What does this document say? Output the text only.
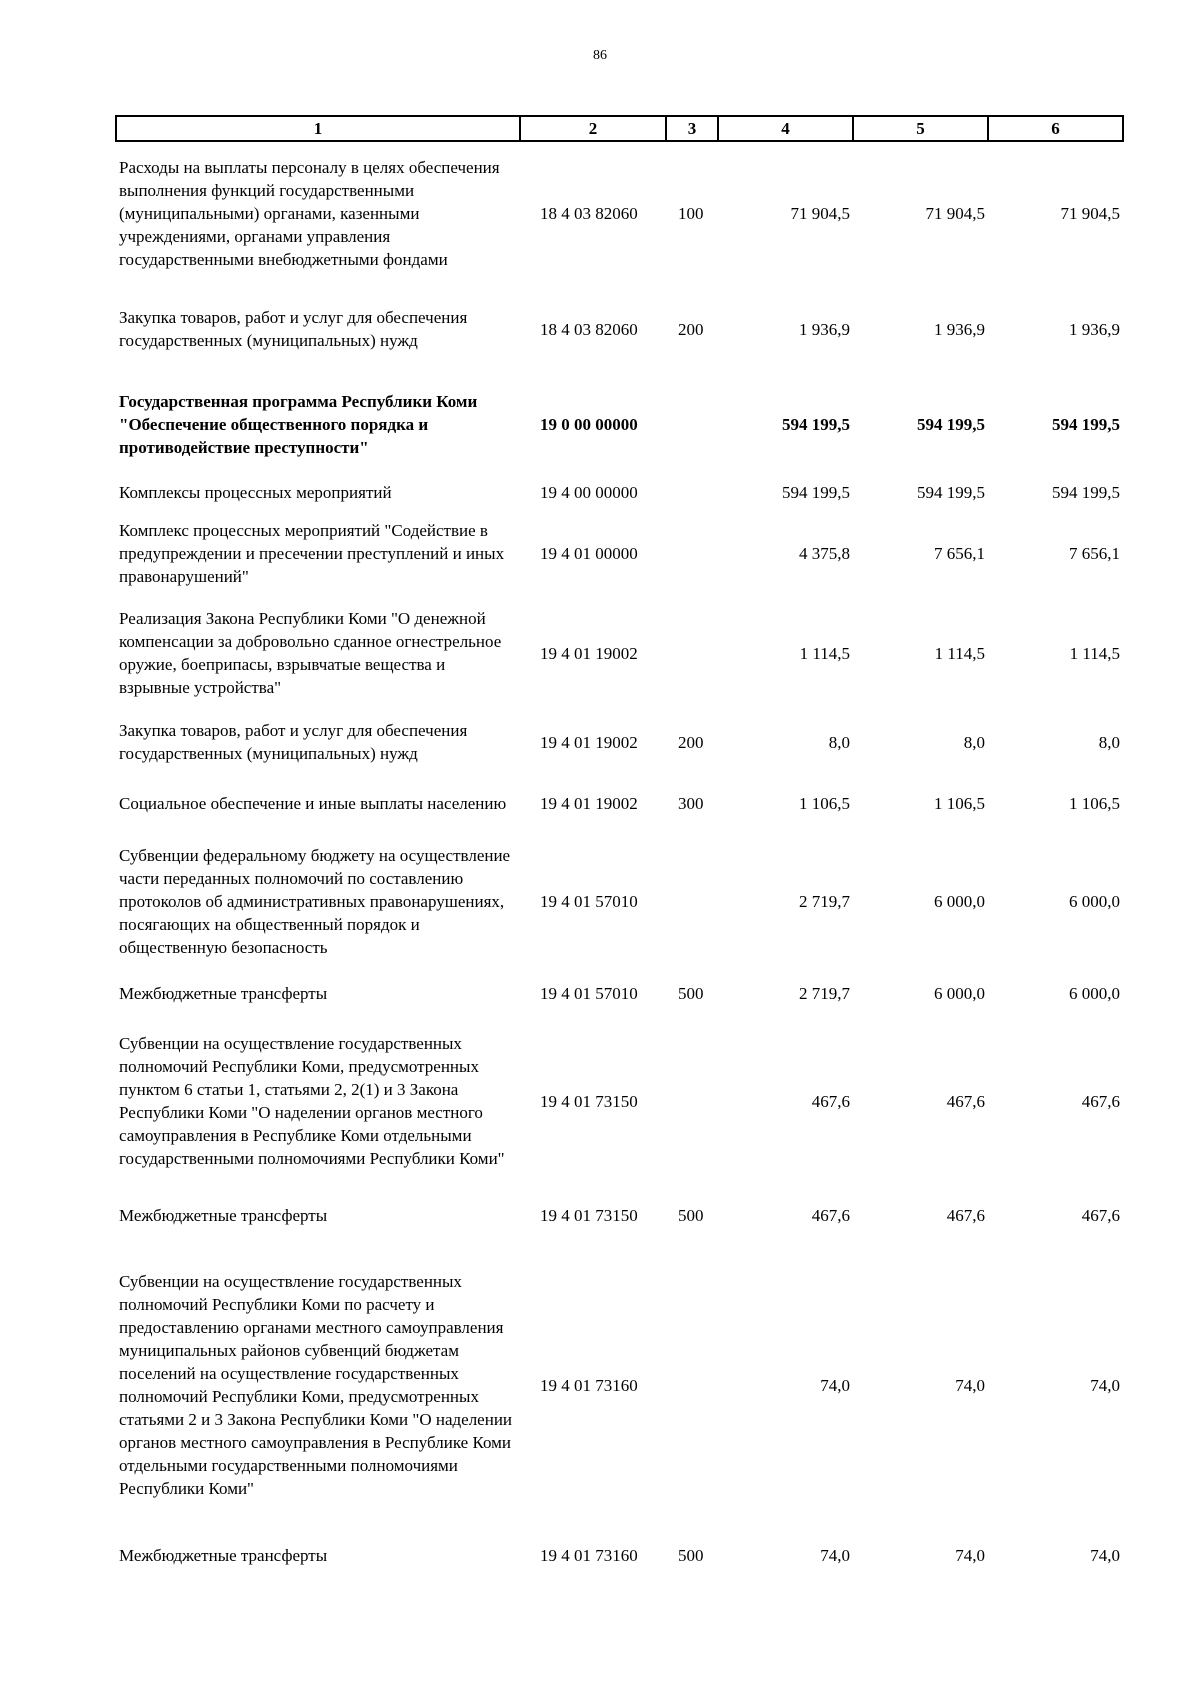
86
1	2	3	4	5	6
Расходы на выплаты персоналу в целях обеспечения выполнения функций государственными (муниципальными) органами, казенными учреждениями, органами управления государственными внебюджетными фондами	18 4 03 82060	100	71 904,5	71 904,5	71 904,5
Закупка товаров, работ и услуг для обеспечения государственных (муниципальных) нужд	18 4 03 82060	200	1 936,9	1 936,9	1 936,9
Государственная программа Республики Коми "Обеспечение общественного порядка и противодействие преступности"	19 0 00 00000		594 199,5	594 199,5	594 199,5
Комплексы процессных мероприятий	19 4 00 00000		594 199,5	594 199,5	594 199,5
Комплекс процессных мероприятий "Содействие в предупреждении и пресечении преступлений и иных правонарушений"	19 4 01 00000		4 375,8	7 656,1	7 656,1
Реализация Закона Республики Коми "О денежной компенсации за добровольно сданное огнестрельное оружие, боеприпасы, взрывчатые вещества и взрывные устройства"	19 4 01 19002		1 114,5	1 114,5	1 114,5
Закупка товаров, работ и услуг для обеспечения государственных (муниципальных) нужд	19 4 01 19002	200	8,0	8,0	8,0
Социальное обеспечение и иные выплаты населению	19 4 01 19002	300	1 106,5	1 106,5	1 106,5
Субвенции федеральному бюджету на осуществление части переданных полномочий по составлению протоколов об административных правонарушениях, посягающих на общественный порядок и общественную безопасность	19 4 01 57010		2 719,7	6 000,0	6 000,0
Межбюджетные трансферты	19 4 01 57010	500	2 719,7	6 000,0	6 000,0
Субвенции на осуществление государственных полномочий Республики Коми, предусмотренных пунктом 6 статьи 1, статьями 2, 2(1) и 3 Закона Республики Коми "О наделении органов местного самоуправления в Республике Коми отдельными государственными полномочиями Республики Коми"	19 4 01 73150		467,6	467,6	467,6
Межбюджетные трансферты	19 4 01 73150	500	467,6	467,6	467,6
Субвенции на осуществление государственных полномочий Республики Коми по расчету и предоставлению органами местного самоуправления муниципальных районов субвенций бюджетам поселений на осуществление государственных полномочий Республики Коми, предусмотренных статьями 2 и 3 Закона Республики Коми "О наделении органов местного самоуправления в Республике Коми отдельными государственными полномочиями Республики Коми"	19 4 01 73160		74,0	74,0	74,0
Межбюджетные трансферты	19 4 01 73160	500	74,0	74,0	74,0
